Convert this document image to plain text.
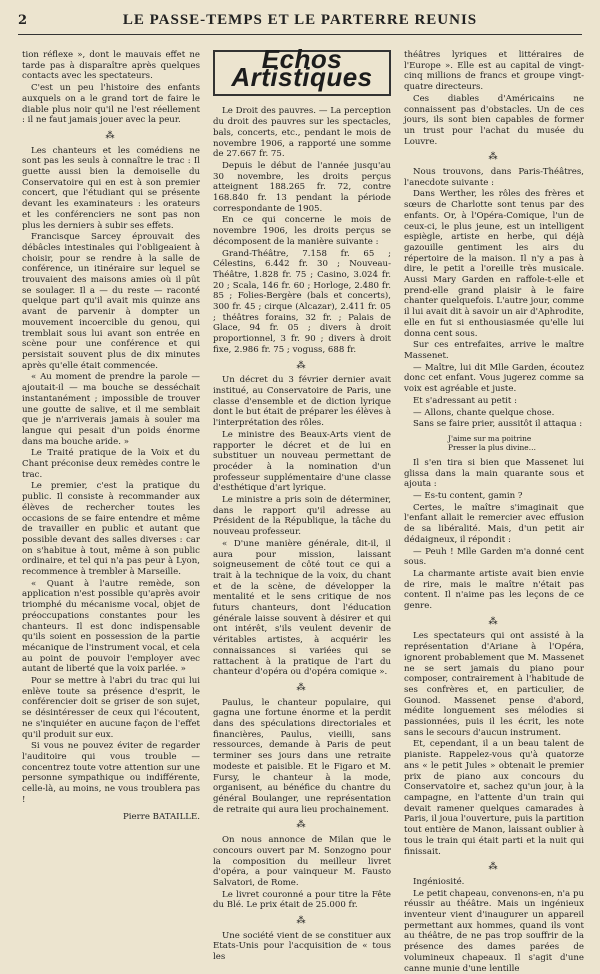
2	LE PASSE-TEMPS ET LE PARTERRE REUNIS

tion réflexe », dont le mauvais effet ne tarde pas à disparaître après quelques contacts avec les spectateurs.

C'est un peu l'histoire des enfants auxquels on a le grand tort de faire le diable plus noir qu'il ne l'est réellement : il ne faut jamais jouer avec la peur.

⁂

Les chanteurs et les comédiens ne sont pas les seuls à connaître le trac : Il guette aussi bien la demoiselle du Conservatoire qui en est à son premier concert, que l'étudiant qui se présente devant les examinateurs : les orateurs et les conférenciers ne sont pas non plus les derniers à subir ses effets.

Francisque Sarcey éprouvait des débâcles intestinales qui l'obligeaient à choisir, pour se rendre à la salle de conférence, un itinéraire sur lequel se trouvaient des maisons amies où il pût se soulager. Il a — du reste — raconté quelque part qu'il avait mis quinze ans avant de parvenir à dompter un mouvement incoercible du genou, qui tremblait sous lui avant son entrée en scène pour une conférence et qui persistait souvent plus de dix minutes après qu'elle était commencée.

« Au moment de prendre la parole — ajoutait-il — ma bouche se desséchait instantanément ; impossible de trouver une goutte de salive, et il me semblait que je n'arriverais jamais à souler ma langue qui pesait d'un poids énorme dans ma bouche aride. »

Le Traité pratique de la Voix et du Chant préconise deux remèdes contre le trac.

Le premier, c'est la pratique du public. Il consiste à recommander aux élèves de rechercher toutes les occasions de se faire entendre et même de travailler en public et autant que possible devant des salles diverses : car on s'habitue à tout, même à son public ordinaire, et tel qui n'a pas peur à Lyon, recommence à trembler à Marseille.

« Quant à l'autre remède, son application n'est possible qu'après avoir triomphé du mécanisme vocal, objet de préoccupations constantes pour les chanteurs. Il est donc indispensable qu'ils soient en possession de la partie mécanique de l'instrument vocal, et cela au point de pouvoir l'employer avec autant de liberté que la voix parlée. »

Pour se mettre à l'abri du trac qui lui enlève toute sa présence d'esprit, le conférencier doit se griser de son sujet, se désintéresser de ceux qui l'écoutent, ne s'inquiéter en aucune façon de l'effet qu'il produit sur eux.

Si vous ne pouvez éviter de regarder l'auditoire qui vous trouble — concentrez toute votre attention sur une personne sympathique ou indifférente, celle-là, au moins, ne vous troublera pas !

Pierre BATAILLE.
Echos Artistiques

Le Droit des pauvres. — La perception du droit des pauvres sur les spectacles, bals, concerts, etc., pendant le mois de novembre 1906, a rapporté une somme de 27.667 fr. 75.

Depuis le début de l'année jusqu'au 30 novembre, les droits perçus atteignent 188.265 fr. 72, contre 168.840 fr. 13 pendant la période correspondante de 1905.

En ce qui concerne le mois de novembre 1906, les droits perçus se décomposent de la manière suivante :

Grand-Théâtre, 7.158 fr. 65 ; Célestins, 6.442 fr. 30 ; Nouveau-Théâtre, 1.828 fr. 75 ; Casino, 3.024 fr. 20 ; Scala, 146 fr. 60 ; Horloge, 2.480 fr. 85 ; Folies-Bergère (bals et concerts), 300 fr. 45 ; cirque (Alcazar), 2.411 fr. 05 ; théâtres forains, 32 fr. ; Palais de Glace, 94 fr. 05 ; divers à droit proportionnel, 3 fr. 90 ; divers à droit fixe, 2.986 fr. 75 ; voguss, 688 fr.

⁂

Un décret du 3 février dernier avait institué, au Conservatoire de Paris, une classe d'ensemble et de diction lyrique dont le but était de préparer les élèves à l'interprétation des rôles.

Le ministre des Beaux-Arts vient de rapporter le décret et de lui en substituer un nouveau permettant de procéder à la nomination d'un professeur supplémentaire d'une classe d'esthétique d'art lyrique.

Le ministre a pris soin de déterminer, dans le rapport qu'il adresse au Président de la République, la tâche du nouveau professeur.

« D'une manière générale, dit-il, il aura pour mission, laissant soigneusement de côté tout ce qui a trait à la technique de la voix, du chant et de la scène, de développer la mentalité et le sens critique de nos futurs chanteurs, dont l'éducation générale laisse souvent à désirer et qui ont intérêt, s'ils veulent devenir de véritables artistes, à acquérir les connaissances si variées qui se rattachent à la pratique de l'art du chanteur d'opéra ou d'opéra comique ».

⁂

Paulus, le chanteur populaire, qui gagna une fortune énorme et la perdit dans des spéculations directoriales et financières, Paulus, vieilli, sans ressources, demande à Paris de peut terminer ses jours dans une retraite modeste et paisible. Et le Figaro et M. Fursy, le chanteur à la mode, organisent, au bénéfice du chantre du général Boulanger, une représentation de retraite qui aura lieu prochainement.

⁂

On nous annonce de Milan que le concours ouvert par M. Sonzogno pour la composition du meilleur livret d'opéra, a pour vainqueur M. Fausto Salvatori, de Rome.

Le livret couronné a pour titre la Fête du Blé. Le prix était de 25.000 fr.

⁂

Une société vient de se constituer aux Etats-Unis pour l'acquisition de « tous les

théâtres lyriques et littéraires de l'Europe ». Elle est au capital de vingt-cinq millions de francs et groupe vingt-quatre directeurs.

Ces diables d'Américains ne connaissent pas d'obstacles. Un de ces jours, ils sont bien capables de former un trust pour l'achat du musée du Louvre.

⁂

Nous trouvons, dans Paris-Théâtres, l'anecdote suivante :

Dans Werther, les rôles des frères et sœurs de Charlotte sont tenus par des enfants. Or, à l'Opéra-Comique, l'un de ceux-ci, le plus jeune, est un intelligent espiègle, artiste en herbe, qui déjà gazouille gentiment les airs du répertoire de la maison. Il n'y a pas à dire, le petit a l'oreille très musicale. Aussi Mary Garden en raffole-t-elle et prend-elle grand plaisir à le faire chanter quelquefois. L'autre jour, comme il lui avait dit à savoir un air d'Aphrodite, elle en fut si enthousiasmée qu'elle lui donna cent sous.

Sur ces entrefaites, arrive le maître Massenet.

— Maître, lui dit Mlle Garden, écoutez donc cet enfant. Vous jugerez comme sa voix est agréable et juste.

Et s'adressant au petit :

— Allons, chante quelque chose.

Sans se faire prier, aussitôt il attaqua :

J'aime sur ma poitrine
Presser la plus divine…

Il s'en tira si bien que Massenet lui glissa dans la main quarante sous et ajouta :

— Es-tu content, gamin ?

Certes, le maître s'imaginait que l'enfant allait le remercier avec effusion de sa libéralité. Mais, d'un petit air dédaigneux, il répondit :

— Peuh ! Mlle Garden m'a donné cent sous.

La charmante artiste avait bien envie de rire, mais le maître n'était pas content. Il n'aime pas les leçons de ce genre.

⁂

Les spectateurs qui ont assisté à la représentation d'Ariane à l'Opéra, ignorent probablement que M. Massenet ne se sert jamais du piano pour composer, contrairement à l'habitude de ses confrères et, en particulier, de Gounod. Massenet pense d'abord, médite longuement ses mélodies si passionnées, puis il les écrit, les note sans le secours d'aucun instrument.

Et, cependant, il a un beau talent de pianiste. Rappelez-vous qu'à quatorze ans « le petit Jules » obtenait le premier prix de piano aux concours du Conservatoire et, sachez qu'un jour, à la campagne, en l'attente d'un train qui devait ramener quelques camarades à Paris, il joua l'ouverture, puis la partition tout entière de Manon, laissant oublier à tous le train qui était parti et la nuit qui finissait.

⁂

Ingéniosité.

Le petit chapeau, convenons-en, n'a pu réussir au théâtre. Mais un ingénieux inventeur vient d'inaugurer un appareil permettant aux hommes, quand ils vont au théâtre, de ne pas trop souffrir de la présence des dames parées de volumineux chapeaux. Il s'agit d'une canne munie d'une lentille
